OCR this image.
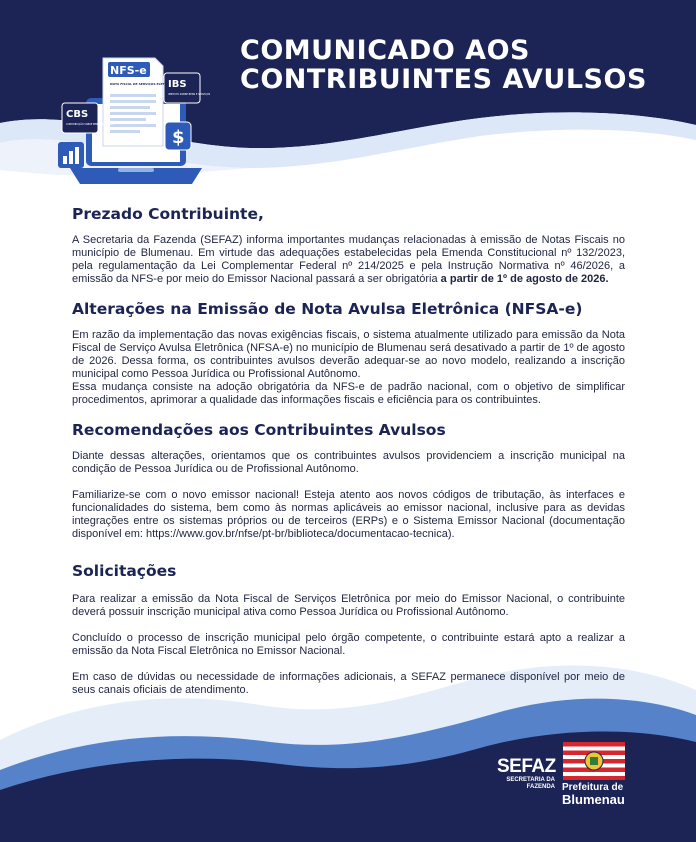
NFS-e
NOTA FISCAL DE SERVIÇOS ELETRÔNICA
IBS
IMPOSTO SOBRE BENS E SERVIÇOS
CBS
CONTRIBUIÇÃO SOBRE BENS E SERVIÇOS
$
COMUNICADO AOS
CONTRIBUINTES AVULSOS
Prezado Contribuinte,

A Secretaria da Fazenda (SEFAZ) informa importantes mudanças relacionadas à emissão de Notas Fiscais no município de Blumenau. Em virtude das adequações estabelecidas pela Emenda Constitucional nº 132/2023, pela regulamentação da Lei Complementar Federal nº 214/2025 e pela Instrução Normativa nº 46/2026, a emissão da NFS-e por meio do Emissor Nacional passará a ser obrigatória a partir de 1º de agosto de 2026.

Alterações na Emissão de Nota Avulsa Eletrônica (NFSA-e)

Em razão da implementação das novas exigências fiscais, o sistema atualmente utilizado para emissão da Nota Fiscal de Serviço Avulsa Eletrônica (NFSA-e) no município de Blumenau será desativado a partir de 1º de agosto de 2026. Dessa forma, os contribuintes avulsos deverão adequar-se ao novo modelo, realizando a inscrição municipal como Pessoa Jurídica ou Profissional Autônomo.

Essa mudança consiste na adoção obrigatória da NFS-e de padrão nacional, com o objetivo de simplificar procedimentos, aprimorar a qualidade das informações fiscais e eficiência para os contribuintes.

Recomendações aos Contribuintes Avulsos

Diante dessas alterações, orientamos que os contribuintes avulsos providenciem a inscrição municipal na condição de Pessoa Jurídica ou de Profissional Autônomo.

Familiarize-se com o novo emissor nacional! Esteja atento aos novos códigos de tributação, às interfaces e funcionalidades do sistema, bem como às normas aplicáveis ao emissor nacional, inclusive para as devidas integrações entre os sistemas próprios ou de terceiros (ERPs) e o Sistema Emissor Nacional (documentação disponível em: https://www.gov.br/nfse/pt-br/biblioteca/documentacao-tecnica).

Solicitações

Para realizar a emissão da Nota Fiscal de Serviços Eletrônica por meio do Emissor Nacional, o contribuinte deverá possuir inscrição municipal ativa como Pessoa Jurídica ou Profissional Autônomo.

Concluído o processo de inscrição municipal pelo órgão competente, o contribuinte estará apto a realizar a emissão da Nota Fiscal Eletrônica no Emissor Nacional.

Em caso de dúvidas ou necessidade de informações adicionais, a SEFAZ permanece disponível por meio de seus canais oficiais de atendimento.

SEFAZ
SECRETARIA DA
FAZENDA Prefeitura de
Blumenau
